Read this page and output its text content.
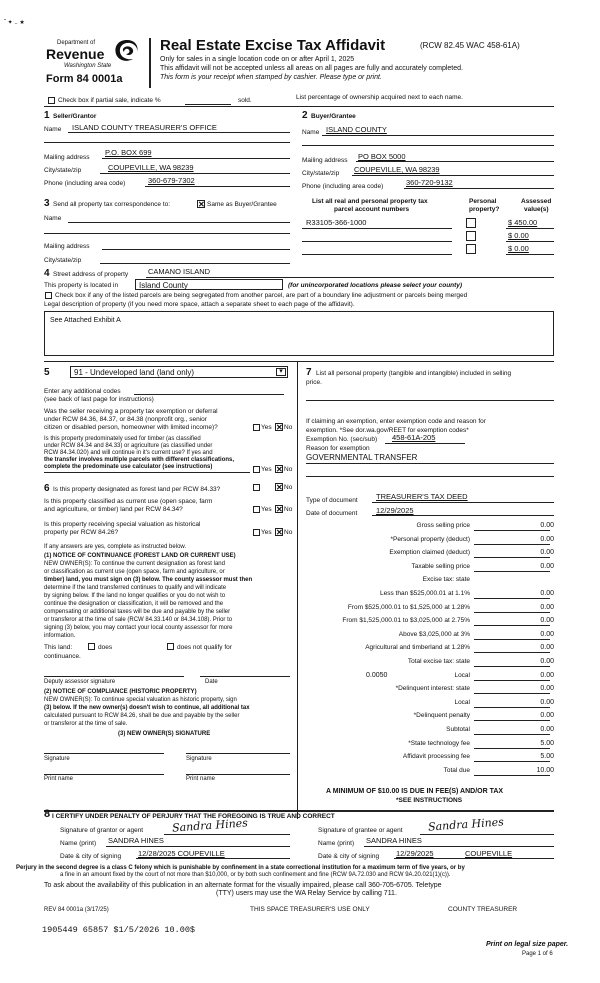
ˇ ✦ .. ★
Department of
Revenue
Washington State
Form 84 0001a
Real Estate Excise Tax Affidavit	(RCW 82.45 WAC 458-61A)
Only for sales in a single location code on or after April 1, 2025
This affidavit will not be accepted unless all areas on all pages are fully and accurately completed.
This form is your receipt when stamped by cashier. Please type or print.
Check box if partial sale, indicate %	sold.	List percentage of ownership acquired next to each name.
1 Seller/Grantor
Name ISLAND COUNTY TREASURER'S OFFICE
Mailing address
P.O. BOX 699
City/state/zip	COUPEVILLE, WA 98239
Phone (including area code)	360-679-7302
2 Buyer/Grantee
Name ISLAND COUNTY
Mailing address PO BOX 5000
City/state/zip COUPEVILLE, WA 98239
Phone (including area code)	360-720-9132
3 Send all property tax correspondence to:	✕ Same as Buyer/Grantee
Name
Mailing address
City/state/zip
List all real and personal property tax
parcel account numbers
Personal
property?
Assessed
value(s)
R33105-366-1000	$ 450.00
$ 0.00
$ 0.00
4 Street address of property	CAMANO ISLAND
This property is located in	Island County	(for unincorporated locations please select your county)
Check box if any of the listed parcels are being segregated from another parcel, are part of a boundary line adjustment or parcels being merged
Legal description of property (if you need more space, attach a separate sheet to each page of the affidavit).
See Attached Exhibit A
5	91 - Undeveloped land (land only)	▾
Enter any additional codes
(see back of last page for instructions)
Was the seller receiving a property tax exemption or deferral
under RCW 84.36, 84.37, or 84.38 (nonprofit org., senior
citizen or disabled person, homeowner with limited income)?	Yes ✕ No
Is this property predominately used for timber (as classified
under RCW 84.34 and 84.33) or agriculture (as classified under
RCW 84.34.020) and will continue in it's current use? If yes and
the transfer involves multiple parcels with different classifications,
complete the predominate use calculator (see instructions)	Yes ✕ No
6 Is this property designated as forest land per RCW 84.33?	✕ No
Is this property classified as current use (open space, farm
and agriculture, or timber) land per RCW 84.34?	Yes ✕ No
Is this property receiving special valuation as historical
property per RCW 84.26?	Yes ✕ No
If any answers are yes, complete as instructed below.
(1) NOTICE OF CONTINUANCE (FOREST LAND OR CURRENT USE)
NEW OWNER(S): To continue the current designation as forest land
or classification as current use (open space, farm and agriculture, or
timber) land, you must sign on (3) below. The county assessor must then
determine if the land transferred continues to qualify and will indicate
by signing below. If the land no longer qualifies or you do not wish to
continue the designation or classification, it will be removed and the
compensating or additional taxes will be due and payable by the seller
or transferor at the time of sale (RCW 84.33.140 or 84.34.108). Prior to
signing (3) below, you may contact your local county assessor for more
information.
This land:	does	does not qualify for
continuance.
Deputy assessor signature	Date
(2) NOTICE OF COMPLIANCE (HISTORIC PROPERTY)
NEW OWNER(S): To continue special valuation as historic property, sign
(3) below. If the new owner(s) doesn't wish to continue, all additional tax
calculated pursuant to RCW 84.26, shall be due and payable by the seller
or transferor at the time of sale.
(3) NEW OWNER(S) SIGNATURE
Signature	Signature
Print name	Print name
7 List all personal property (tangible and intangible) included in selling
price.
If claiming an exemption, enter exemption code and reason for
exemption. *See dor.wa.gov/REET for exemption codes*
Exemption No. (sec/sub) 458-61A-205
Reason for exemption
GOVERNMENTAL TRANSFER
Type of document TREASURER'S TAX DEED
Date of document 12/29/2025
Gross selling price	0.00
*Personal property (deduct)	0.00
Exemption claimed (deduct)	0.00
Taxable selling price	0.00
Excise tax: state
Less than $525,000.01 at 1.1%	0.00
From $525,000.01 to $1,525,000 at 1.28%	0.00
From $1,525,000.01 to $3,025,000 at 2.75%	0.00
Above $3,025,000 at 3%	0.00
Agricultural and timberland at 1.28%	0.00
Total excise tax: state	0.00
Local	0.00
0.0050
*Delinquent interest: state	0.00
Local	0.00
*Delinquent penalty	0.00
Subtotal	0.00
*State technology fee	5.00
Affidavit processing fee	5.00
Total due	10.00
A MINIMUM OF $10.00 IS DUE IN FEE(S) AND/OR TAX
*SEE INSTRUCTIONS
8 I CERTIFY UNDER PENALTY OF PERJURY THAT THE FOREGOING IS TRUE AND CORRECT
Signature of grantor or agent	Sandra Hines
Name (print) SANDRA HINES
Date & city of signing 12/28/2025 COUPEVILLE
Signature of grantee or agent Sandra Hines
Name (print) SANDRA HINES
Date & city of signing 12/29/2025	COUPEVILLE
Perjury in the second degree is a class C felony which is punishable by confinement in a state correctional institution for a maximum term of five years, or by
a fine in an amount fixed by the court of not more than $10,000, or by both such confinement and fine (RCW 9A.72.030 and RCW 9A.20.021(1)(c)).
To ask about the availability of this publication in an alternate format for the visually impaired, please call 360-705-6705. Teletype
(TTY) users may use the WA Relay Service by calling 711.
REV 84 0001a (3/17/25)	THIS SPACE TREASURER'S USE ONLY	COUNTY TREASURER
1905449 65857 $1/5/2026 10.00$
Print on legal size paper.
Page 1 of 6
